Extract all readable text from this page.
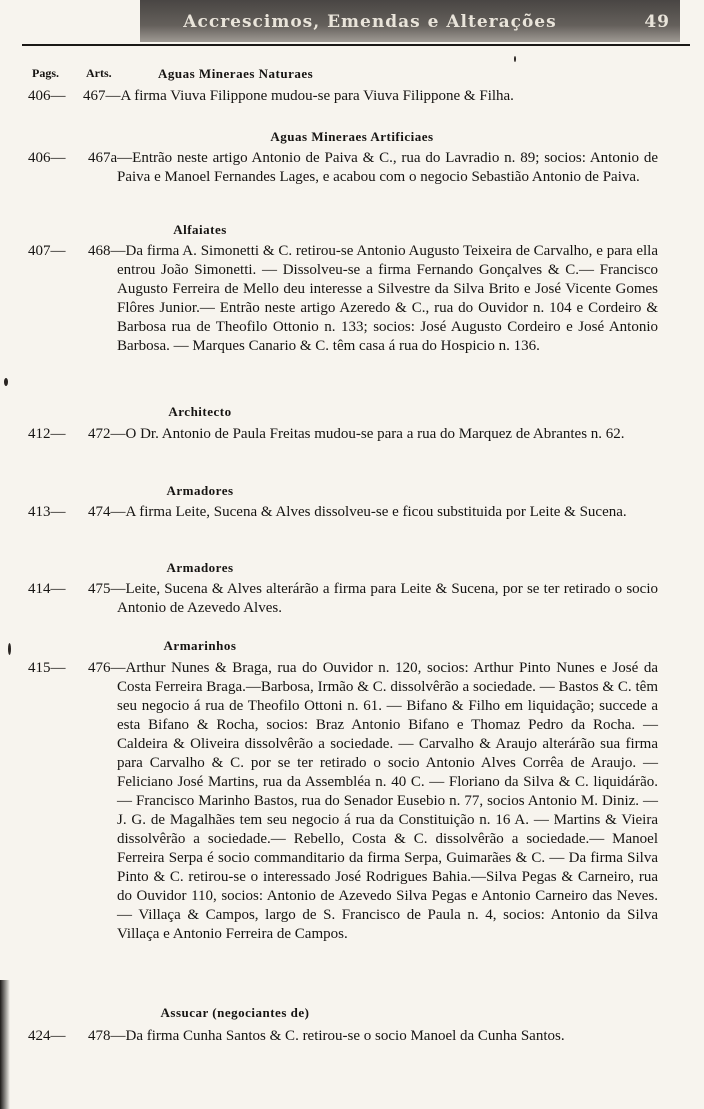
Accrescimos, Emendas e Alterações	49
Pags. Arts.	Aguas Mineraes Naturaes
406— 467—A firma Viuva Filippone mudou-se para Viuva Filippone & Filha.
Aguas Mineraes Artificiaes
406— 467a—Entrão neste artigo Antonio de Paiva & C., rua do Lavradio n. 89; socios: Antonio de Paiva e Manoel Fernandes Lages, e acabou com o negocio Sebastião Antonio de Paiva.
Alfaiates
407— 468—Da firma A. Simonetti & C. retirou-se Antonio Augusto Teixeira de Carvalho, e para ella entrou João Simonetti. — Dissolveu-se a firma Fernando Gonçalves & C.— Francisco Augusto Ferreira de Mello deu interesse a Silvestre da Silva Brito e José Vicente Gomes Flôres Junior.— Entrão neste artigo Azeredo & C., rua do Ouvidor n. 104 e Cordeiro & Barbosa rua de Theofilo Ottonio n. 133; socios: José Augusto Cordeiro e José Antonio Barbosa. — Marques Canario & C. têm casa á rua do Hospicio n. 136.
Architecto
412— 472—O Dr. Antonio de Paula Freitas mudou-se para a rua do Marquez de Abrantes n. 62.
Armadores
413— 474—A firma Leite, Sucena & Alves dissolveu-se e ficou substituida por Leite & Sucena.
Armadores
414— 475—Leite, Sucena & Alves alterárão a firma para Leite & Sucena, por se ter retirado o socio Antonio de Azevedo Alves.
Armarinhos
415— 476—Arthur Nunes & Braga, rua do Ouvidor n. 120, socios: Arthur Pinto Nunes e José da Costa Ferreira Braga.—Barbosa, Irmão & C. dissolvêrão a sociedade. — Bastos & C. têm seu negocio á rua de Theofilo Ottoni n. 61. — Bifano & Filho em liquidação; succede a esta Bifano & Rocha, socios: Braz Antonio Bifano e Thomaz Pedro da Rocha. — Caldeira & Oliveira dissolvêrão a sociedade. — Carvalho & Araujo alterárão sua firma para Carvalho & C. por se ter retirado o socio Antonio Alves Corrêa de Araujo. — Feliciano José Martins, rua da Assembléa n. 40 C. — Floriano da Silva & C. liquidárão. — Francisco Marinho Bastos, rua do Senador Eusebio n. 77, socios Antonio M. Diniz. — J. G. de Magalhães tem seu negocio á rua da Constituição n. 16 A. — Martins & Vieira dissolvêrão a sociedade.— Rebello, Costa & C. dissolvêrão a sociedade.— Manoel Ferreira Serpa é socio commanditario da firma Serpa, Guimarães & C. — Da firma Silva Pinto & C. retirou-se o interessado José Rodrigues Bahia.—Silva Pegas & Carneiro, rua do Ouvidor 110, socios: Antonio de Azevedo Silva Pegas e Antonio Carneiro das Neves. — Villaça & Campos, largo de S. Francisco de Paula n. 4, socios: Antonio da Silva Villaça e Antonio Ferreira de Campos.
Assucar (negociantes de)
424— 478—Da firma Cunha Santos & C. retirou-se o socio Manoel da Cunha Santos.
